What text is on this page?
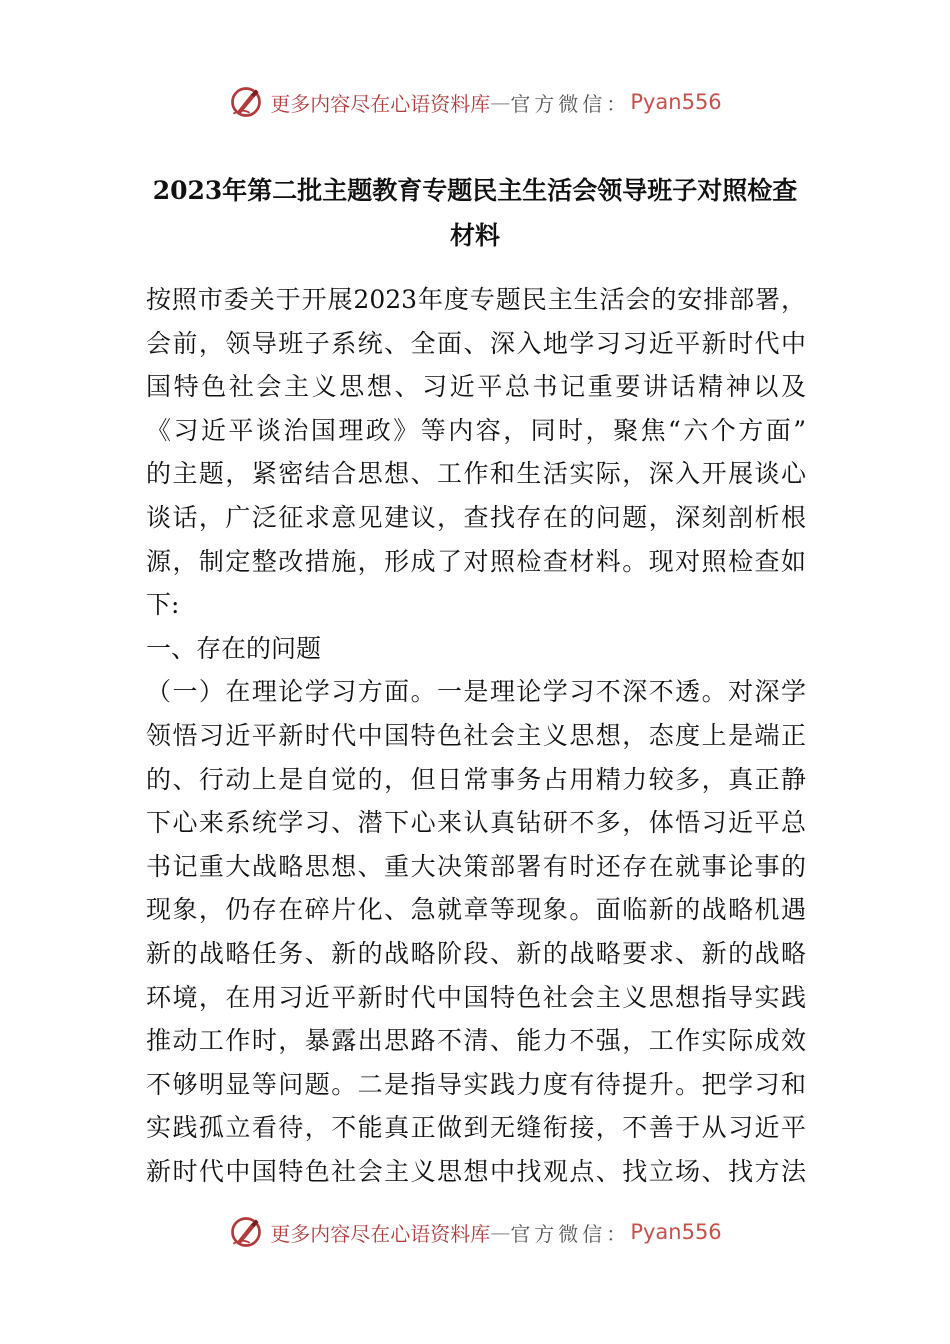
更多内容尽在心语资料库 — 官方微信： Pyan556
2023年第二批主题教育专题民主生活会领导班子对照检查
材料
按照市委关于开展2023年度专题民主生活会的安排部署，
会前，领导班子系统、全面、深入地学习习近平新时代中
国特色社会主义思想、习近平总书记重要讲话精神以及
《习近平谈治国理政》等内容，同时，聚焦“六个方面”
的主题，紧密结合思想、工作和生活实际，深入开展谈心
谈话，广泛征求意见建议，查找存在的问题，深刻剖析根
源，制定整改措施，形成了对照检查材料。现对照检查如
下:
一、存在的问题
（一）在理论学习方面。一是理论学习不深不透。对深学
领悟习近平新时代中国特色社会主义思想，态度上是端正
的、行动上是自觉的，但日常事务占用精力较多，真正静
下心来系统学习、潜下心来认真钻研不多，体悟习近平总
书记重大战略思想、重大决策部署有时还存在就事论事的
现象，仍存在碎片化、急就章等现象。面临新的战略机遇
新的战略任务、新的战略阶段、新的战略要求、新的战略
环境，在用习近平新时代中国特色社会主义思想指导实践
推动工作时，暴露出思路不清、能力不强，工作实际成效
不够明显等问题。二是指导实践力度有待提升。把学习和
实践孤立看待，不能真正做到无缝衔接，不善于从习近平
新时代中国特色社会主义思想中找观点、找立场、找方法
更多内容尽在心语资料库 — 官方微信： Pyan556
